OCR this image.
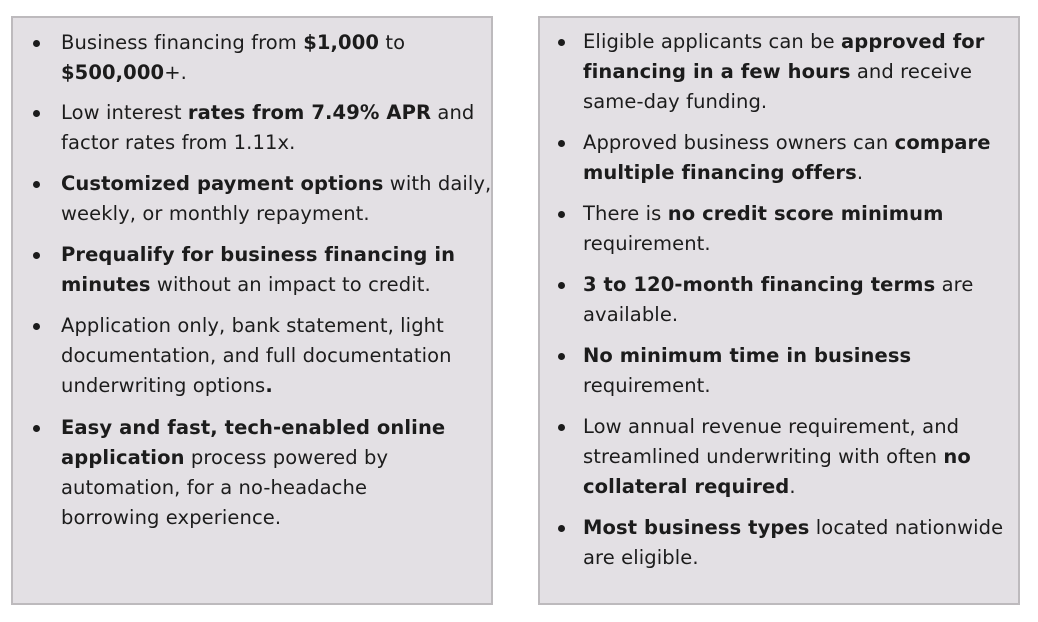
Business financing from $1,000 to
$500,000+.
Low interest rates from 7.49% APR and
factor rates from 1.11x.
Customized payment options with daily,
weekly, or monthly repayment.
Prequalify for business financing in
minutes without an impact to credit.
Application only, bank statement, light
documentation, and full documentation
underwriting options.
Easy and fast, tech-enabled online
application process powered by
automation, for a no-headache
borrowing experience.
Eligible applicants can be approved for
financing in a few hours and receive
same-day funding.
Approved business owners can compare
multiple financing offers.
There is no credit score minimum
requirement.
3 to 120-month financing terms are
available.
No minimum time in business
requirement.
Low annual revenue requirement, and
streamlined underwriting with often no
collateral required.
Most business types located nationwide
are eligible.
